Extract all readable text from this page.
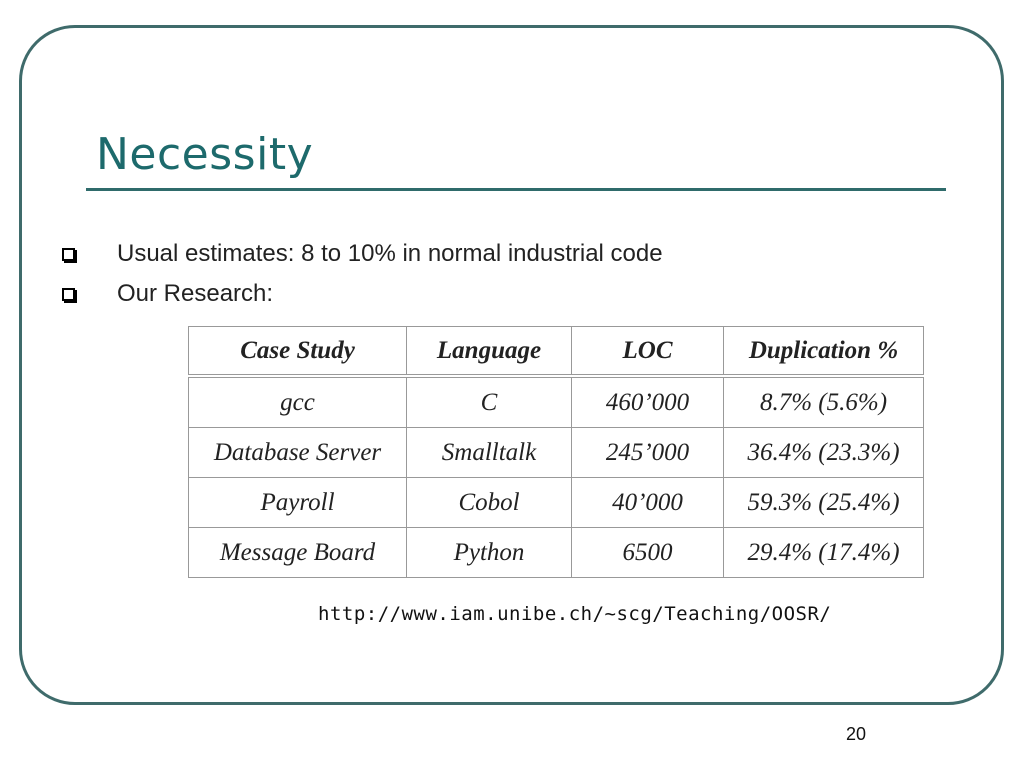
Necessity
Usual estimates: 8 to 10% in normal industrial code
Our Research:
Case Study	Language	LOC	Duplication %
gcc	C	460’000	8.7% (5.6%)
Database Server	Smalltalk	245’000	36.4% (23.3%)
Payroll	Cobol	40’000	59.3% (25.4%)
Message Board	Python	6500	29.4% (17.4%)
http://www.iam.unibe.ch/~scg/Teaching/OOSR/
20
